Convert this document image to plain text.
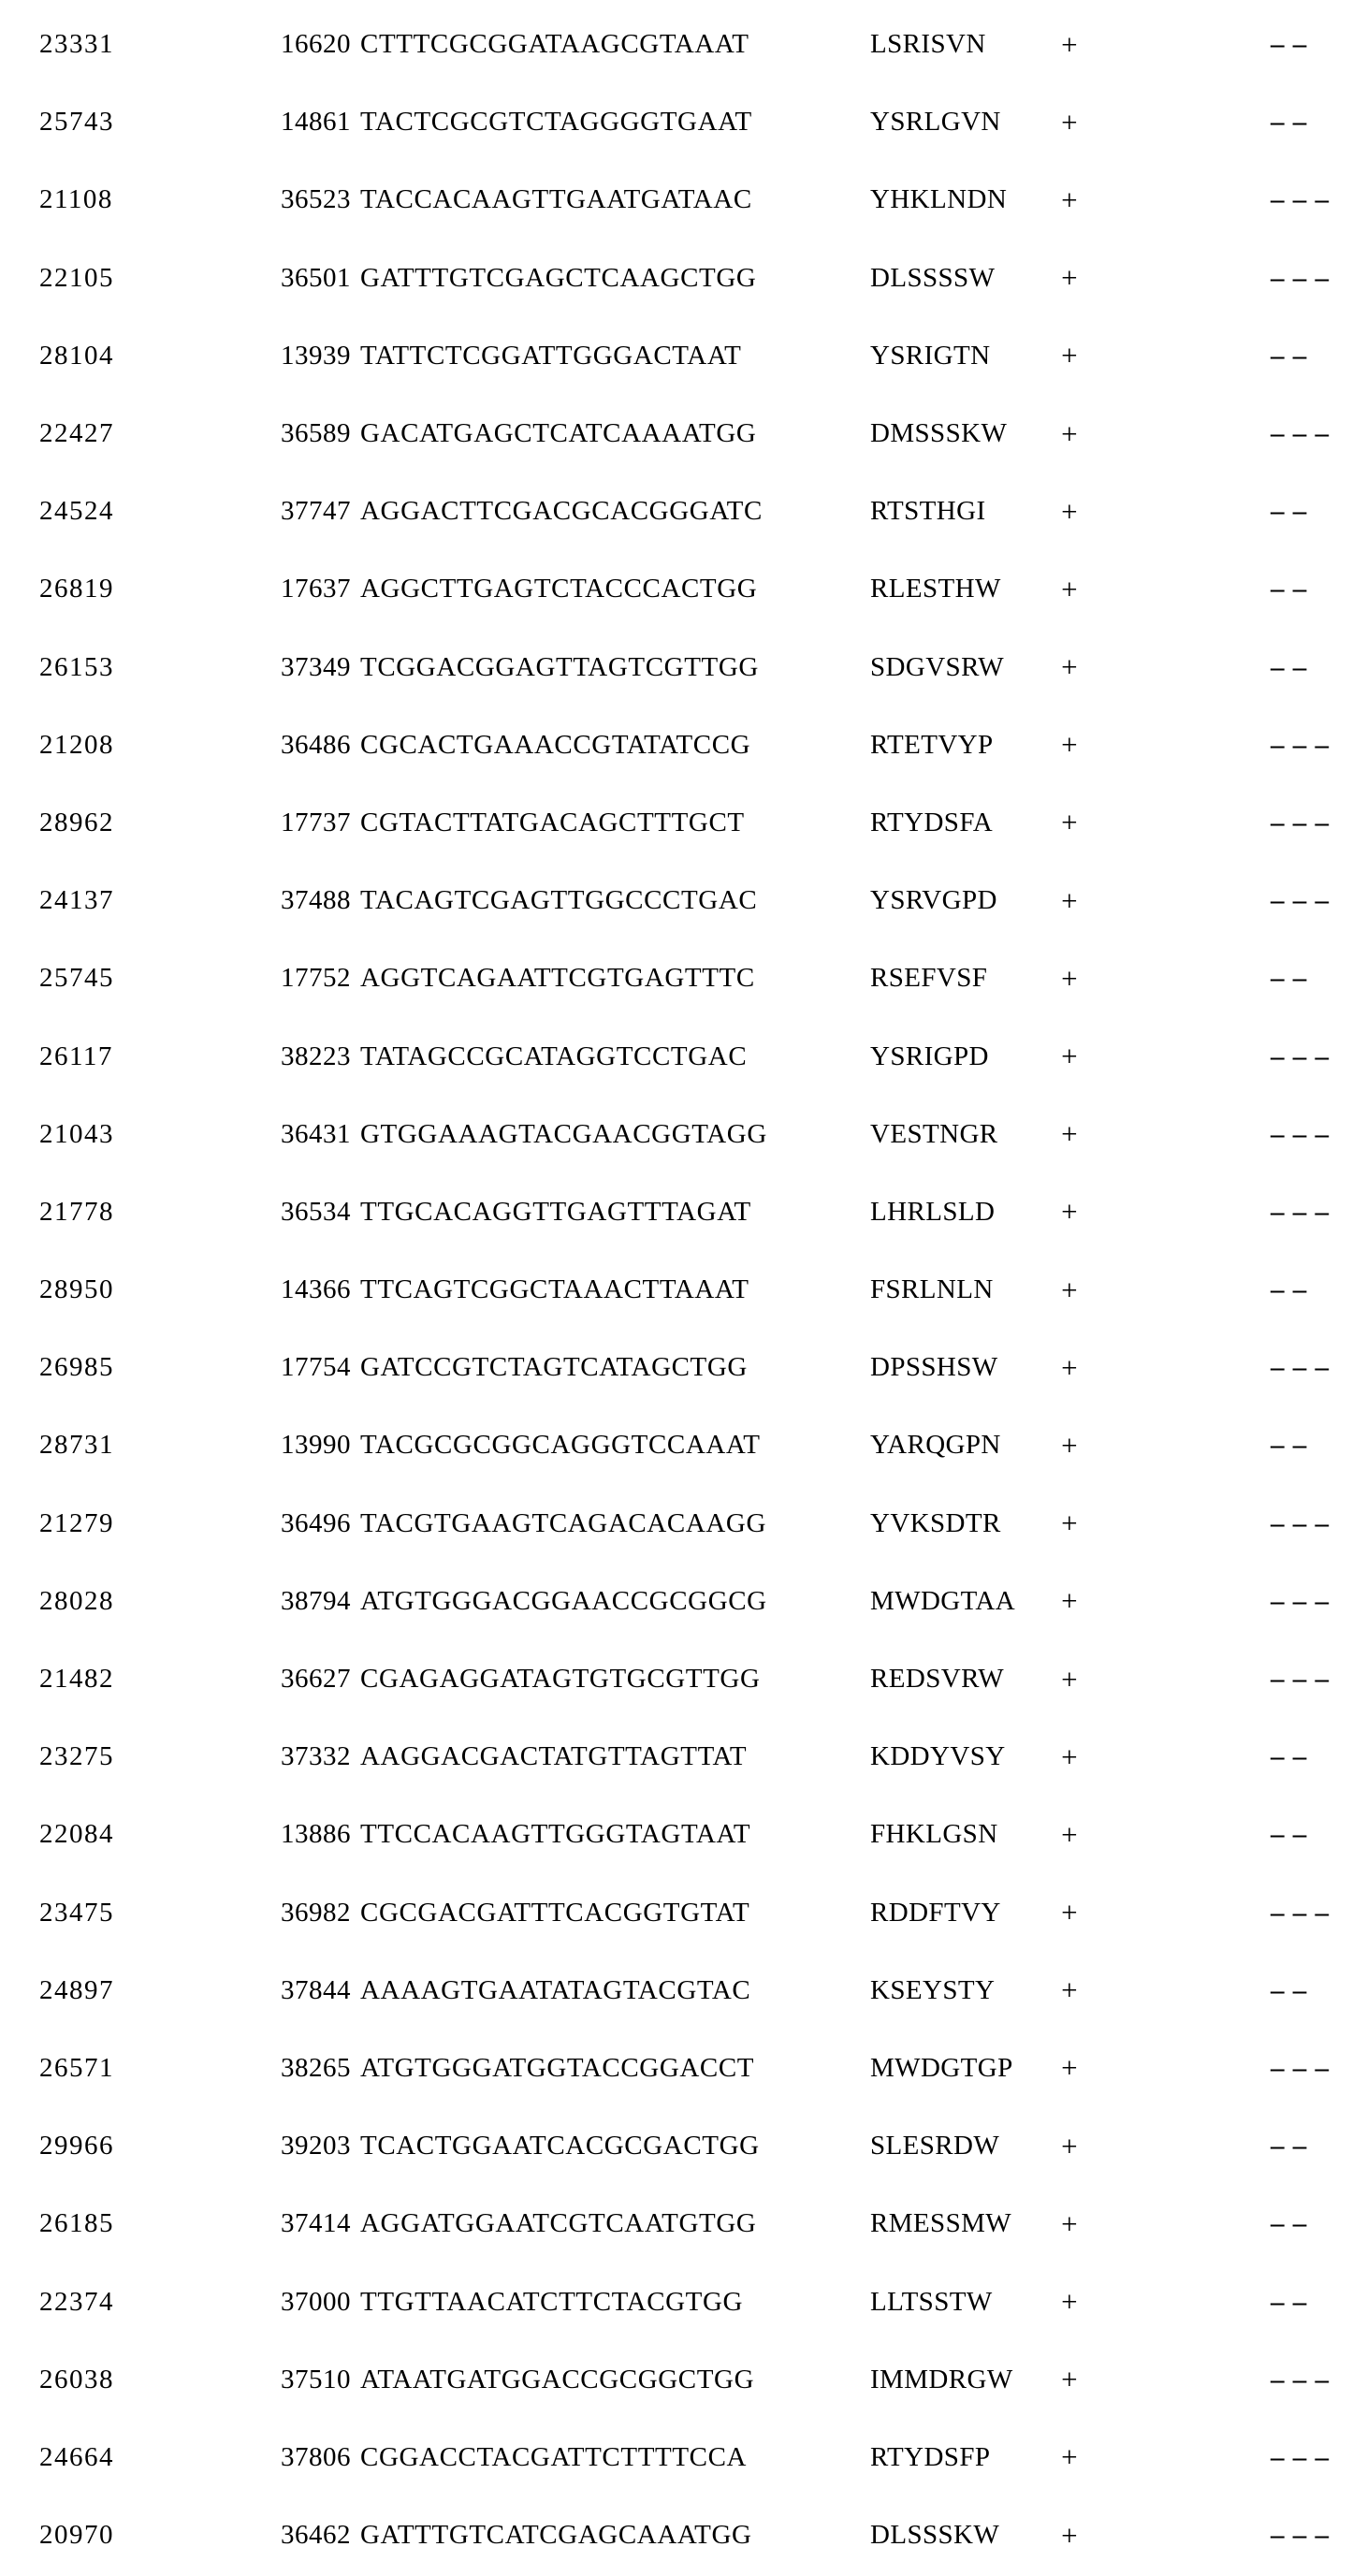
23331	16620 CTTTCGCGGATAAGCGTAAAT	LSRISVN	+	– –
25743	14861 TACTCGCGTCTAGGGGTGAAT	YSRLGVN	+	– –
21108	36523 TACCACAAGTTGAATGATAAC	YHKLNDN	+	– – –
22105	36501 GATTTGTCGAGCTCAAGCTGG	DLSSSSW	+	– – –
28104	13939 TATTCTCGGATTGGGACTAAT	YSRIGTN	+	– –
22427	36589 GACATGAGCTCATCAAAATGG	DMSSSKW	+	– – –
24524	37747 AGGACTTCGACGCACGGGATC	RTSTHGI	+	– –
26819	17637 AGGCTTGAGTCTACCCACTGG	RLESTHW	+	– –
26153	37349 TCGGACGGAGTTAGTCGTTGG	SDGVSRW	+	– –
21208	36486 CGCACTGAAACCGTATATCCG	RTETVYP	+	– – –
28962	17737 CGTACTTATGACAGCTTTGCT	RTYDSFA	+	– – –
24137	37488 TACAGTCGAGTTGGCCCTGAC	YSRVGPD	+	– – –
25745	17752 AGGTCAGAATTCGTGAGTTTC	RSEFVSF	+	– –
26117	38223 TATAGCCGCATAGGTCCTGAC	YSRIGPD	+	– – –
21043	36431 GTGGAAAGTACGAACGGTAGG	VESTNGR	+	– – –
21778	36534 TTGCACAGGTTGAGTTTAGAT	LHRLSLD	+	– – –
28950	14366 TTCAGTCGGCTAAACTTAAAT	FSRLNLN	+	– –
26985	17754 GATCCGTCTAGTCATAGCTGG	DPSSHSW	+	– – –
28731	13990 TACGCGCGGCAGGGTCCAAAT	YARQGPN	+	– –
21279	36496 TACGTGAAGTCAGACACAAGG	YVKSDTR	+	– – –
28028	38794 ATGTGGGACGGAACCGCGGCG	MWDGTAA	+	– – –
21482	36627 CGAGAGGATAGTGTGCGTTGG	REDSVRW	+	– – –
23275	37332 AAGGACGACTATGTTAGTTAT	KDDYVSY	+	– –
22084	13886 TTCCACAAGTTGGGTAGTAAT	FHKLGSN	+	– –
23475	36982 CGCGACGATTTCACGGTGTAT	RDDFTVY	+	– – –
24897	37844 AAAAGTGAATATAGTACGTAC	KSEYSTY	+	– –
26571	38265 ATGTGGGATGGTACCGGACCT	MWDGTGP	+	– – –
29966	39203 TCACTGGAATCACGCGACTGG	SLESRDW	+	– –
26185	37414 AGGATGGAATCGTCAATGTGG	RMESSMW	+	– –
22374	37000 TTGTTAACATCTTCTACGTGG	LLTSSTW	+	– –
26038	37510 ATAATGATGGACCGCGGCTGG	IMMDRGW	+	– – –
24664	37806 CGGACCTACGATTCTTTTCCA	RTYDSFP	+	– – –
20970	36462 GATTTGTCATCGAGCAAATGG	DLSSSKW	+	– – –
